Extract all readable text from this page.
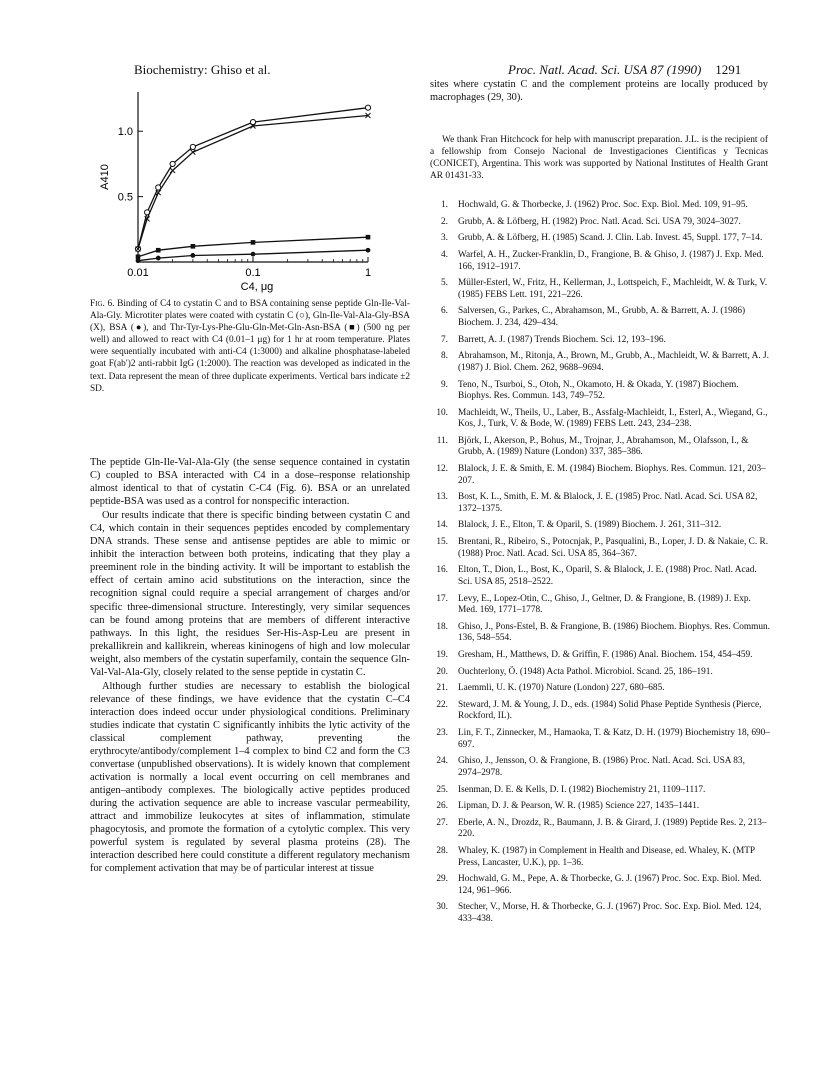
Biochemistry: Ghiso et al.	Proc. Natl. Acad. Sci. USA 87 (1990) 1291
0.01	0.1	1
0.5
1.0
C4, μg
A410
Fig. 6. Binding of C4 to cystatin C and to BSA containing sense peptide Gln-Ile-Val-Ala-Gly. Microtiter plates were coated with cystatin C (○), Gln-Ile-Val-Ala-Gly-BSA (X), BSA (●), and Thr-Tyr-Lys-Phe-Glu-Gln-Met-Gln-Asn-BSA (■) (500 ng per well) and allowed to react with C4 (0.01–1 μg) for 1 hr at room temperature. Plates were sequentially incubated with anti-C4 (1:3000) and alkaline phosphatase-labeled goat F(ab′)2 anti-rabbit IgG (1:2000). The reaction was developed as indicated in the text. Data represent the mean of three duplicate experiments. Vertical bars indicate ±2 SD.

The peptide Gln-Ile-Val-Ala-Gly (the sense sequence contained in cystatin C) coupled to BSA interacted with C4 in a dose–response relationship almost identical to that of cystatin C-C4 (Fig. 6). BSA or an unrelated peptide-BSA was used as a control for nonspecific interaction.

Our results indicate that there is specific binding between cystatin C and C4, which contain in their sequences peptides encoded by complementary DNA strands. These sense and antisense peptides are able to mimic or inhibit the interaction between both proteins, indicating that they play a preeminent role in the binding activity. It will be important to establish the effect of certain amino acid substitutions on the interaction, since the recognition signal could require a special arrangement of charges and/or specific three-dimensional structure. Interestingly, very similar sequences can be found among proteins that are members of different interactive pathways. In this light, the residues Ser-His-Asp-Leu are present in prekallikrein and kallikrein, whereas kininogens of high and low molecular weight, also members of the cystatin superfamily, contain the sequence Gln-Val-Val-Ala-Gly, closely related to the sense peptide in cystatin C.

Although further studies are necessary to establish the biological relevance of these findings, we have evidence that the cystatin C–C4 interaction does indeed occur under physiological conditions. Preliminary studies indicate that cystatin C significantly inhibits the lytic activity of the classical complement pathway, preventing the erythrocyte/antibody/complement 1–4 complex to bind C2 and form the C3 convertase (unpublished observations). It is widely known that complement activation is normally a local event occurring on cell membranes and antigen–antibody complexes. The biologically active peptides produced during the activation sequence are able to increase vascular permeability, attract and immobilize leukocytes at sites of inflammation, stimulate phagocytosis, and promote the formation of a cytolytic complex. This very powerful system is regulated by several plasma proteins (28). The interaction described here could constitute a different regulatory mechanism for complement activation that may be of particular interest at tissue

sites where cystatin C and the complement proteins are locally produced by macrophages (29, 30).
We thank Fran Hitchcock for help with manuscript preparation. J.L. is the recipient of a fellowship from Consejo Nacional de Investigaciones Cientificas y Tecnicas (CONICET), Argentina. This work was supported by National Institutes of Health Grant AR 01431-33.
1. Hochwald, G. & Thorbecke, J. (1962) Proc. Soc. Exp. Biol. Med. 109, 91–95.
2. Grubb, A. & Löfberg, H. (1982) Proc. Natl. Acad. Sci. USA 79, 3024–3027.
3. Grubb, A. & Löfberg, H. (1985) Scand. J. Clin. Lab. Invest. 45, Suppl. 177, 7–14.
4. Warfel, A. H., Zucker-Franklin, D., Frangione, B. & Ghiso, J. (1987) J. Exp. Med. 166, 1912–1917.
5. Müller-Esterl, W., Fritz, H., Kellerman, J., Lottspeich, F., Machleidt, W. & Turk, V. (1985) FEBS Lett. 191, 221–226.
6. Salversen, G., Parkes, C., Abrahamson, M., Grubb, A. & Barrett, A. J. (1986) Biochem. J. 234, 429–434.
7. Barrett, A. J. (1987) Trends Biochem. Sci. 12, 193–196.
8. Abrahamson, M., Ritonja, A., Brown, M., Grubb, A., Machleidt, W. & Barrett, A. J. (1987) J. Biol. Chem. 262, 9688–9694.
9. Teno, N., Tsurboi, S., Otoh, N., Okamoto, H. & Okada, Y. (1987) Biochem. Biophys. Res. Commun. 143, 749–752.
10. Machleidt, W., Theils, U., Laber, B., Assfalg-Machleidt, I., Esterl, A., Wiegand, G., Kos, J., Turk, V. & Bode, W. (1989) FEBS Lett. 243, 234–238.
11. Björk, I., Akerson, P., Bohus, M., Trojnar, J., Abrahamson, M., Olafsson, I., & Grubb, A. (1989) Nature (London) 337, 385–386.
12. Blalock, J. E. & Smith, E. M. (1984) Biochem. Biophys. Res. Commun. 121, 203–207.
13. Bost, K. L., Smith, E. M. & Blalock, J. E. (1985) Proc. Natl. Acad. Sci. USA 82, 1372–1375.
14. Blalock, J. E., Elton, T. & Oparil, S. (1989) Biochem. J. 261, 311–312.
15. Brentani, R., Ribeiro, S., Potocnjak, P., Pasqualini, B., Loper, J. D. & Nakaie, C. R. (1988) Proc. Natl. Acad. Sci. USA 85, 364–367.
16. Elton, T., Dion, L., Bost, K., Oparil, S. & Blalock, J. E. (1988) Proc. Natl. Acad. Sci. USA 85, 2518–2522.
17. Levy, E., Lopez-Otin, C., Ghiso, J., Geltner, D. & Frangione, B. (1989) J. Exp. Med. 169, 1771–1778.
18. Ghiso, J., Pons-Estel, B. & Frangione, B. (1986) Biochem. Biophys. Res. Commun. 136, 548–554.
19. Gresham, H., Matthews, D. & Griffin, F. (1986) Anal. Biochem. 154, 454–459.
20. Ouchterlony, Ö. (1948) Acta Pathol. Microbiol. Scand. 25, 186–191.
21. Laemmli, U. K. (1970) Nature (London) 227, 680–685.
22. Steward, J. M. & Young, J. D., eds. (1984) Solid Phase Peptide Synthesis (Pierce, Rockford, IL).
23. Lin, F. T., Zinnecker, M., Hamaoka, T. & Katz, D. H. (1979) Biochemistry 18, 690–697.
24. Ghiso, J., Jensson, O. & Frangione, B. (1986) Proc. Natl. Acad. Sci. USA 83, 2974–2978.
25. Isenman, D. E. & Kells, D. I. (1982) Biochemistry 21, 1109–1117.
26. Lipman, D. J. & Pearson, W. R. (1985) Science 227, 1435–1441.
27. Eberle, A. N., Drozdz, R., Baumann, J. B. & Girard, J. (1989) Peptide Res. 2, 213–220.
28. Whaley, K. (1987) in Complement in Health and Disease, ed. Whaley, K. (MTP Press, Lancaster, U.K.), pp. 1–36.
29. Hochwald, G. M., Pepe, A. & Thorbecke, G. J. (1967) Proc. Soc. Exp. Biol. Med. 124, 961–966.
30. Stecher, V., Morse, H. & Thorbecke, G. J. (1967) Proc. Soc. Exp. Biol. Med. 124, 433–438.
